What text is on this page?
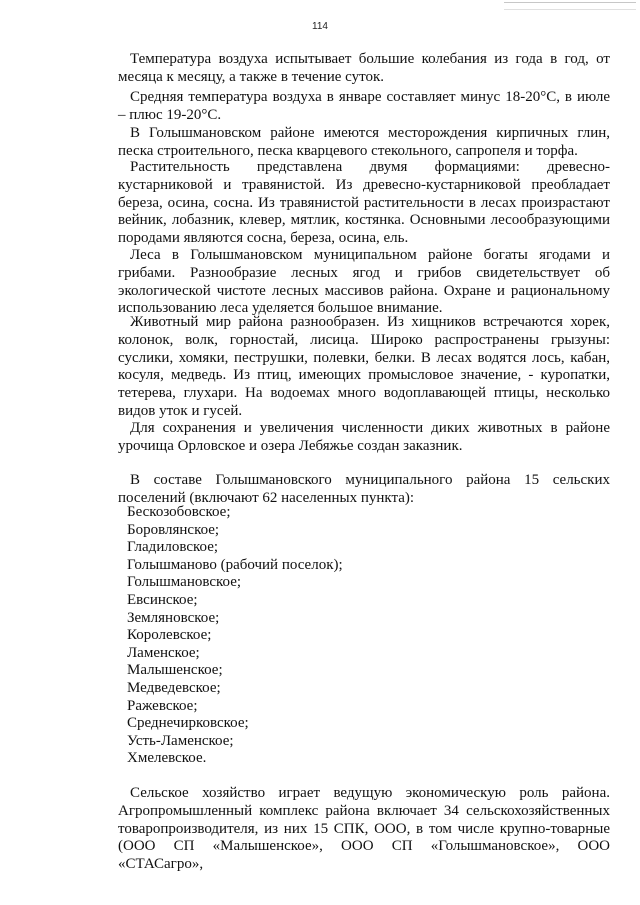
114

Температура воздуха испытывает большие колебания из года в год, от месяца к месяцу, а также в течение суток.

Средняя температура воздуха в январе составляет минус 18-20°С, в июле – плюс 19-20°С.

В Голышмановском районе имеются месторождения кирпичных глин, песка строительного, песка кварцевого стекольного, сапропеля и торфа.

Растительность представлена двумя формациями: древесно-кустарниковой и травянистой. Из древесно-кустарниковой преобладает береза, осина, сосна. Из травянистой растительности в лесах произрастают вейник, лобазник, клевер, мятлик, костянка. Основными лесообразующими породами являются сосна, береза, осина, ель.

Леса в Голышмановском муниципальном районе богаты ягодами и грибами. Разнообразие лесных ягод и грибов свидетельствует об экологической чистоте лесных массивов района. Охране и рациональному использованию леса уделяется большое внимание.

Животный мир района разнообразен. Из хищников встречаются хорек, колонок, волк, горностай, лисица. Широко распространены грызуны: суслики, хомяки, пеструшки, полевки, белки. В лесах водятся лось, кабан, косуля, медведь. Из птиц, имеющих промысловое значение, - куропатки, тетерева, глухари. На водоемах много водоплавающей птицы, несколько видов уток и гусей.

Для сохранения и увеличения численности диких животных в районе урочища Орловское и озера Лебяжье создан заказник.

В составе Голышмановского муниципального района 15 сельских поселений (включают 62 населенных пункта):

Бескозобовское;
Боровлянское;
Гладиловское;
Голышманово (рабочий поселок);
Голышмановское;
Евсинское;
Земляновское;
Королевское;
Ламенское;
Малышенское;
Медведевское;
Ражевское;
Среднечирковское;
Усть-Ламенское;
Хмелевское.

Сельское хозяйство играет ведущую экономическую роль района. Агропромышленный комплекс района включает 34 сельскохозяйственных товаропроизводителя, из них 15 СПК, ООО, в том числе крупно-товарные (ООО СП «Малышенское», ООО СП «Голышмановское», ООО «СТАСагро»,
